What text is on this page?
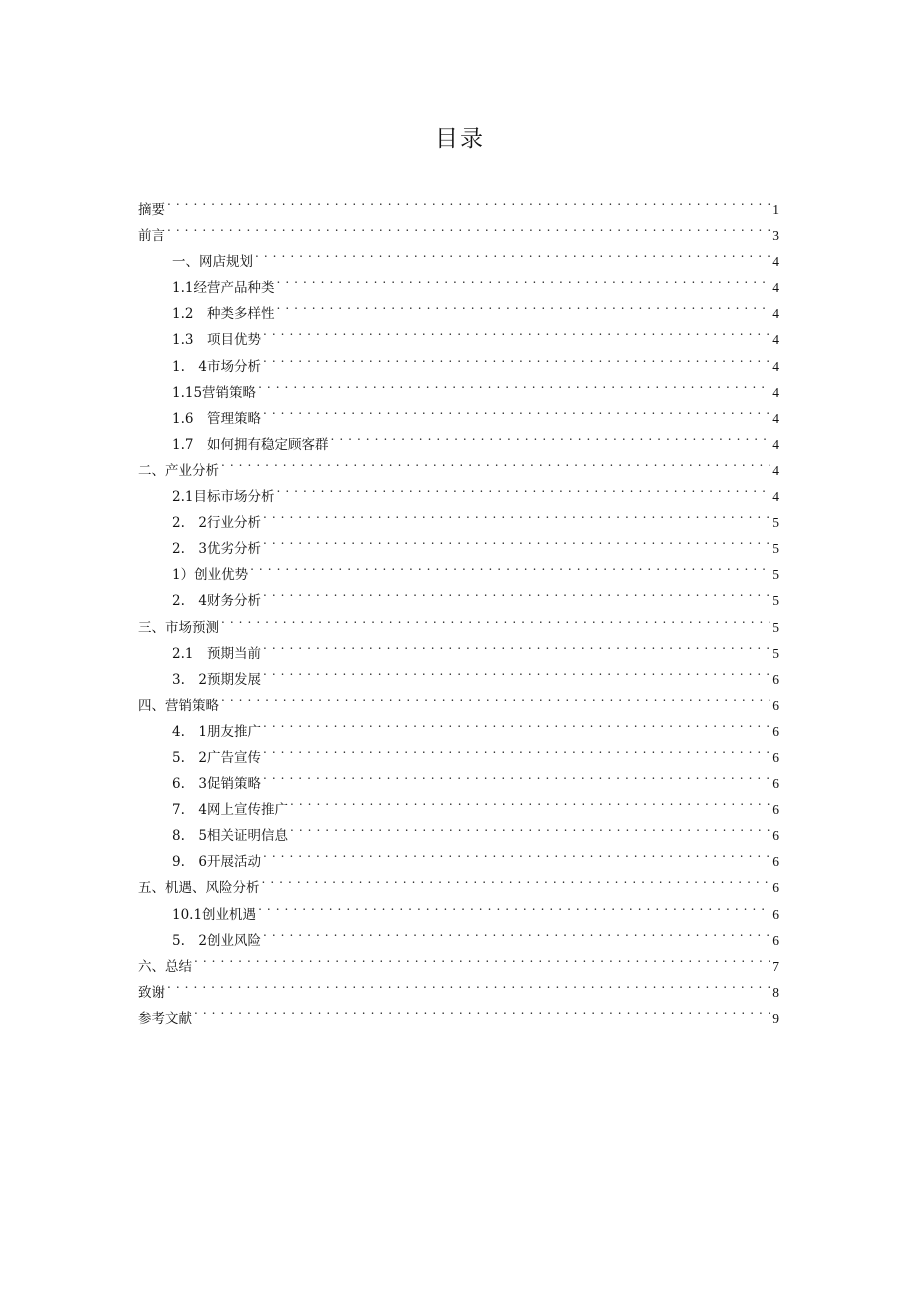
目录
摘要 . . .	1
前言 . . .	3
一、网店规划 . . .	4
1.1经营产品种类 . . .	4
1.2　种类多样性 . . .	4
1.3　项目优势 . . .	4
1.　4市场分析 . . .	4
1.15营销策略 . . .	4
1.6　管理策略 . . .	4
1.7　如何拥有稳定顾客群 . . .	4
二、产业分析 . . .	4
2.1目标市场分析 . . .	4
2.　2行业分析 . . .	5
2.　3优劣分析 . . .	5
1）创业优势 . . .	5
2.　4财务分析 . . .	5
三、市场预测 . . .	5
2.1　预期当前 . . .	5
3.　2预期发展 . . .	6
四、营销策略 . . .	6
4.　1朋友推广 . . .	6
5.　2广告宣传 . . .	6
6.　3促销策略 . . .	6
7.　4网上宣传推广 . . .	6
8.　5相关证明信息 . . .	6
9.　6开展活动 . . .	6
五、机遇、风险分析 . . .	6
10.1创业机遇 . . .	6
5.　2创业风险 . . .	6
六、总结 . . .	7
致谢 . . .	8
参考文献 . . .	9
